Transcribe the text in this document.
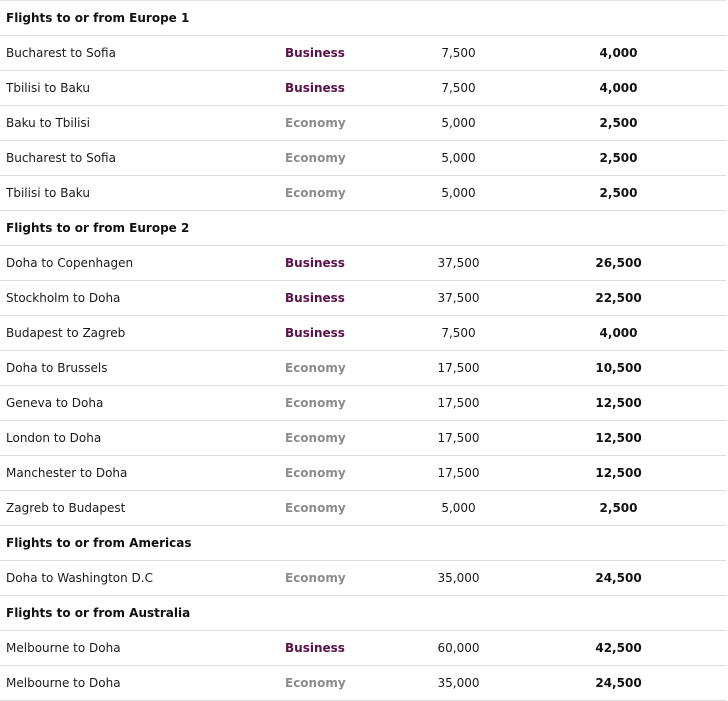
Flights to or from Europe 1			
Bucharest to Sofia	Business	7,500	4,000
Tbilisi to Baku	Business	7,500	4,000
Baku to Tbilisi	Economy	5,000	2,500
Bucharest to Sofia	Economy	5,000	2,500
Tbilisi to Baku	Economy	5,000	2,500
Flights to or from Europe 2			
Doha to Copenhagen	Business	37,500	26,500
Stockholm to Doha	Business	37,500	22,500
Budapest to Zagreb	Business	7,500	4,000
Doha to Brussels	Economy	17,500	10,500
Geneva to Doha	Economy	17,500	12,500
London to Doha	Economy	17,500	12,500
Manchester to Doha	Economy	17,500	12,500
Zagreb to Budapest	Economy	5,000	2,500
Flights to or from Americas			
Doha to Washington D.C	Economy	35,000	24,500
Flights to or from Australia			
Melbourne to Doha	Business	60,000	42,500
Melbourne to Doha	Economy	35,000	24,500
